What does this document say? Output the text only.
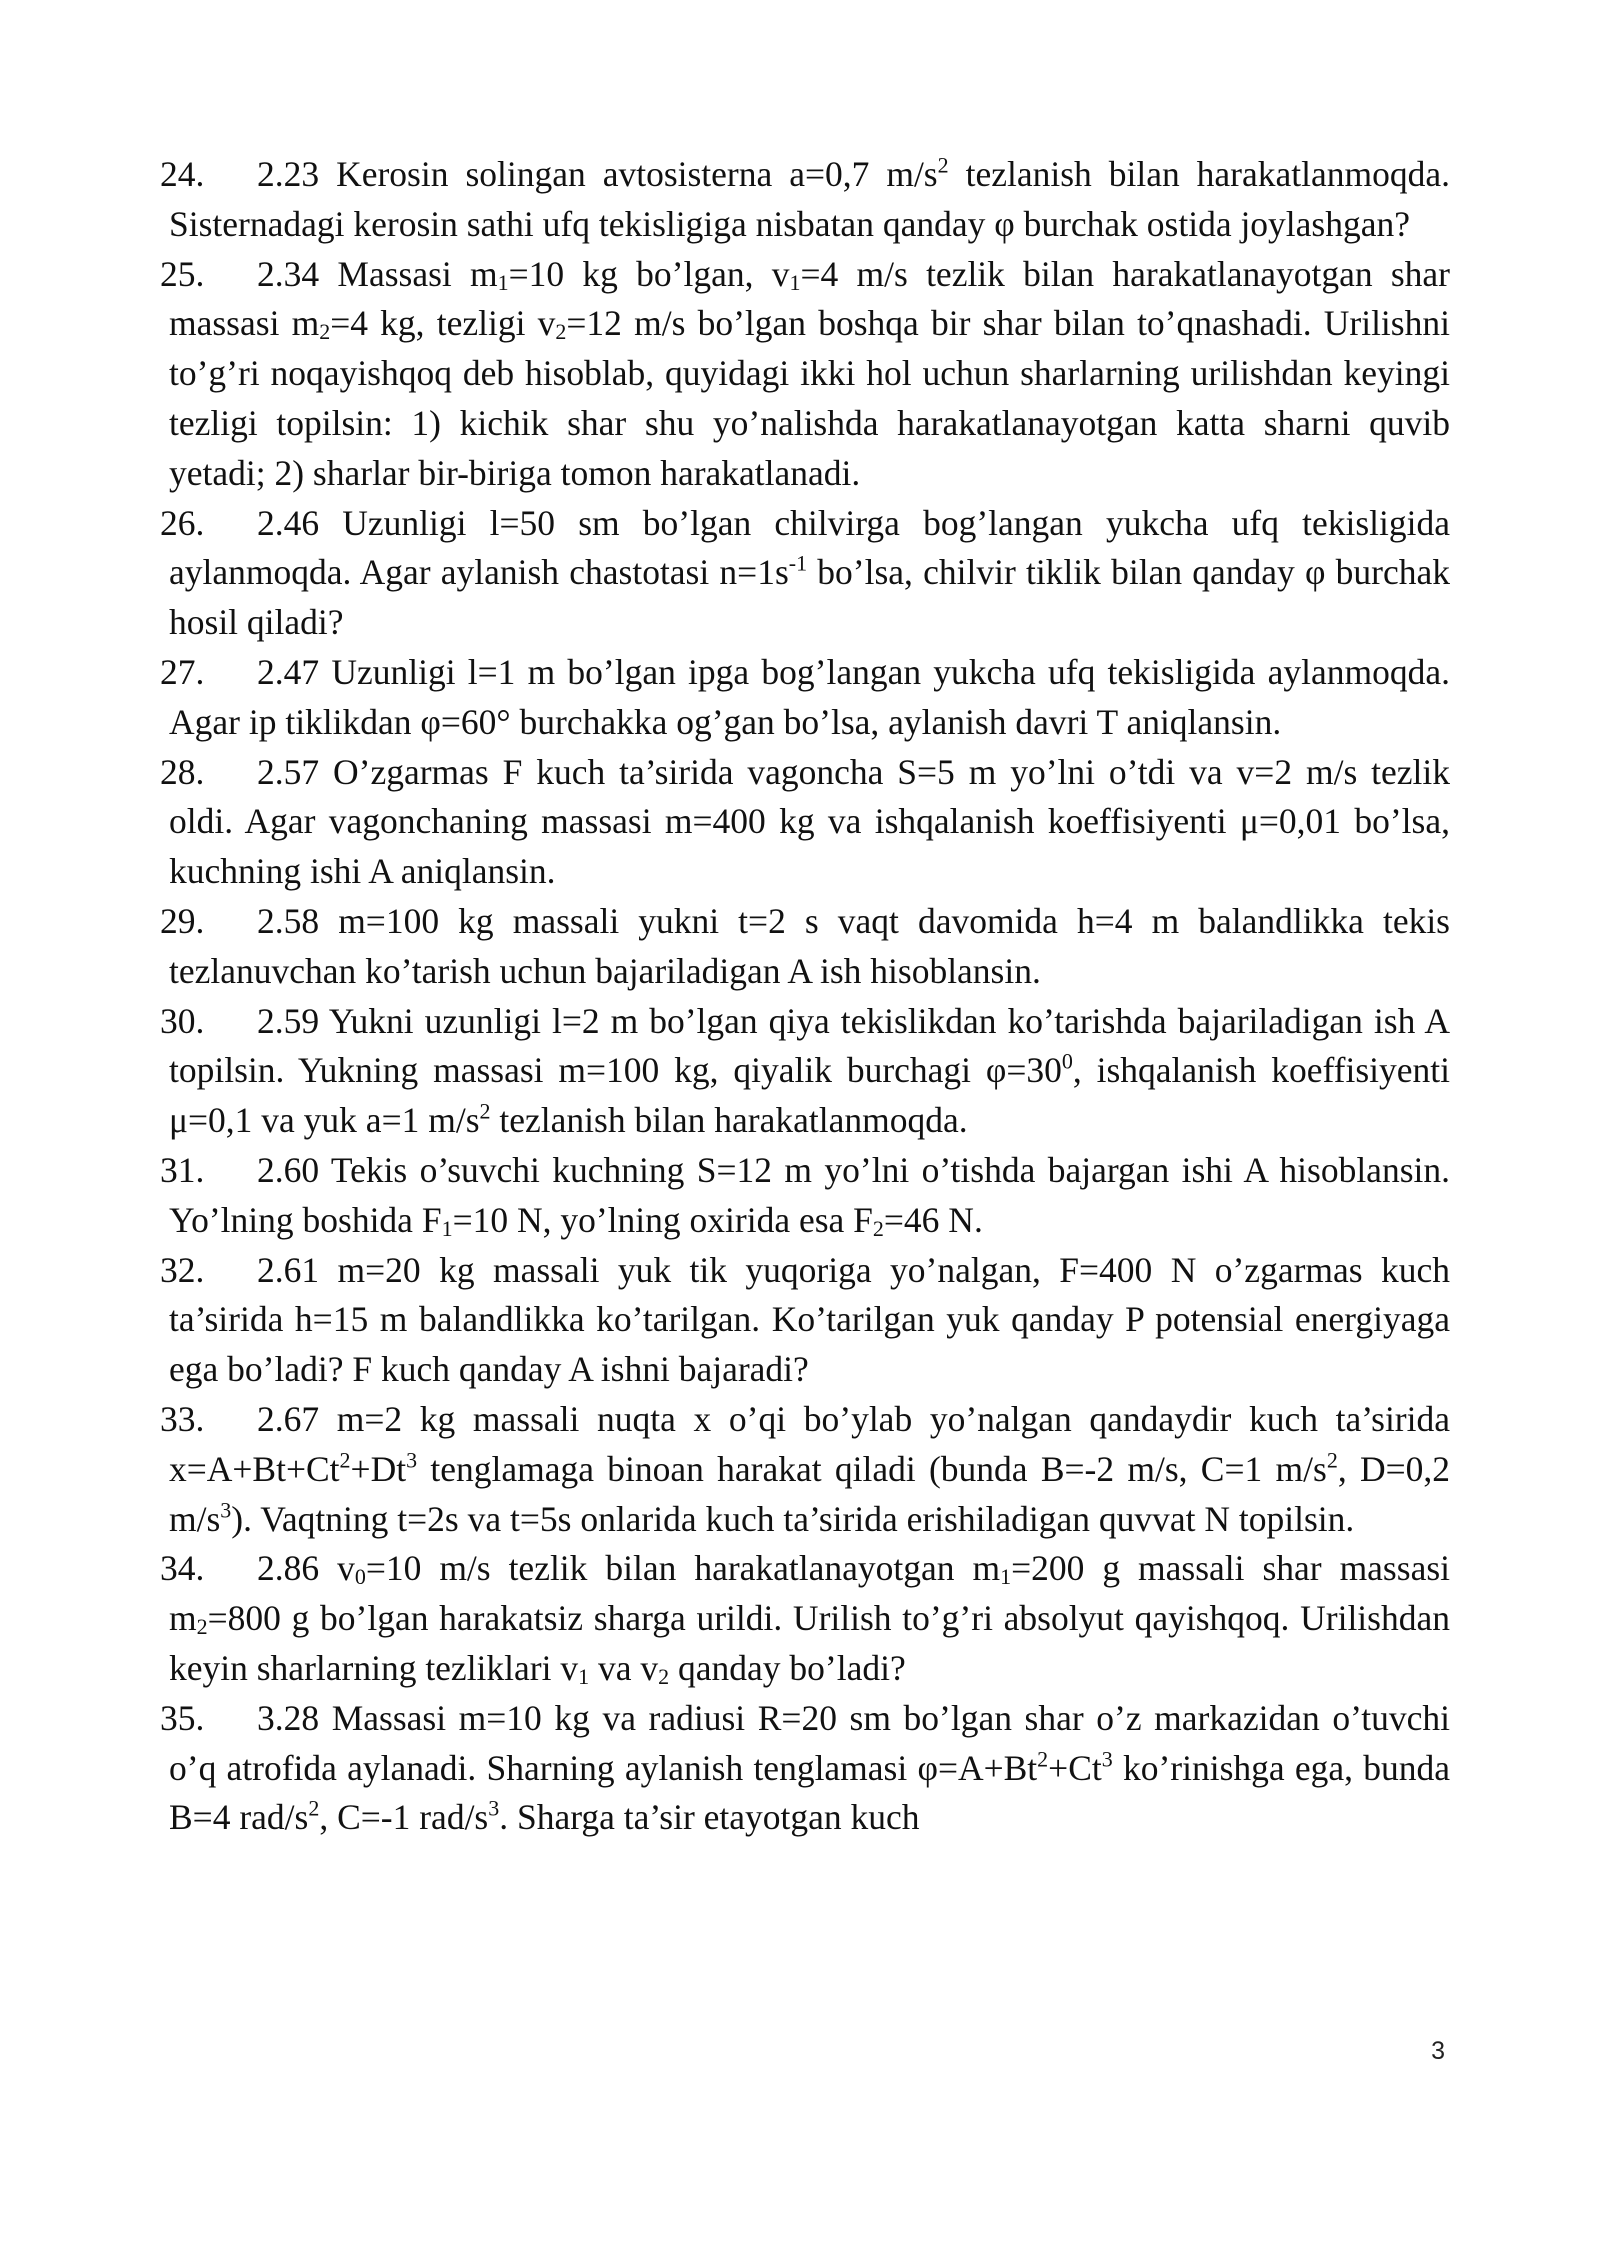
24. 2.23 Kerosin solingan avtosisterna a=0,7 $m/s^2$ tezlanish bilan harakatlanmoqda. Sisternadagi kerosin sathi ufq tekisligiga nisbatan qanday φ burchak ostida joylashgan?
25. 2.34 Massasi $m_1=10$ kg bo’lgan, $v_1=4$ m/s tezlik bilan harakatlanayotgan shar massasi $m_2=4$ kg, tezligi $v_2=12$ m/s bo’lgan boshqa bir shar bilan to’qnashadi. Urilishni to’g’ri noqayishqoq deb hisoblab, quyidagi ikki hol uchun sharlarning urilishdan keyingi tezligi topilsin: 1) kichik shar shu yo’nalishda harakatlanayotgan katta sharni quvib yetadi; 2) sharlar bir-biriga tomon harakatlanadi.
26. 2.46 Uzunligi l=50 sm bo’lgan chilvirga bog’langan yukcha ufq tekisligida aylanmoqda. Agar aylanish chastotasi $n=1s^{-1}$ bo’lsa, chilvir tiklik bilan qanday φ burchak hosil qiladi?
27. 2.47 Uzunligi l=1 m bo’lgan ipga bog’langan yukcha ufq tekisligida aylanmoqda. Agar ip tiklikdan φ=60° burchakka og’gan bo’lsa, aylanish davri T aniqlansin.
28. 2.57 O’zgarmas F kuch ta’sirida vagoncha S=5 m yo’lni o’tdi va v=2 m/s tezlik oldi. Agar vagonchaning massasi m=400 kg va ishqalanish koeffisiyenti μ=0,01 bo’lsa, kuchning ishi A aniqlansin.
29. 2.58 m=100 kg massali yukni t=2 s vaqt davomida h=4 m balandlikka tekis tezlanuvchan ko’tarish uchun bajariladigan A ish hisoblansin.
30. 2.59 Yukni uzunligi l=2 m bo’lgan qiya tekislikdan ko’tarishda bajariladigan ish A topilsin. Yukning massasi m=100 kg, qiyalik burchagi $\varphi=30^0$, ishqalanish koeffisiyenti μ=0,1 va yuk a=1 $m/s^2$ tezlanish bilan harakatlanmoqda.
31. 2.60 Tekis o’suvchi kuchning S=12 m yo’lni o’tishda bajargan ishi A hisoblansin. Yo’lning boshida $F_1=10$ N, yo’lning oxirida esa $F_2=46$ N.
32. 2.61 m=20 kg massali yuk tik yuqoriga yo’nalgan, F=400 N o’zgarmas kuch ta’sirida h=15 m balandlikka ko’tarilgan. Ko’tarilgan yuk qanday P potensial energiyaga ega bo’ladi? F kuch qanday A ishni bajaradi?
33. 2.67 m=2 kg massali nuqta x o’qi bo’ylab yo’nalgan qandaydir kuch ta’sirida $x=A+Bt+Ct^2+Dt^3$ tenglamaga binoan harakat qiladi (bunda B=-2 m/s, C=1 $m/s^2$, D=0,2 $m/s^3$). Vaqtning t=2s va t=5s onlarida kuch ta’sirida erishiladigan quvvat N topilsin.
34. 2.86 $v_0=10$ m/s tezlik bilan harakatlanayotgan $m_1=200$ g massali shar massasi $m_2=800$ g bo’lgan harakatsiz sharga urildi. Urilish to’g’ri absolyut qayishqoq. Urilishdan keyin sharlarning tezliklari $v_1$ va $v_2$ qanday bo’ladi?
35. 3.28 Massasi m=10 kg va radiusi R=20 sm bo’lgan shar o’z markazidan o’tuvchi o’q atrofida aylanadi. Sharning aylanish tenglamasi $\varphi=A+Bt^2+Ct^3$ ko’rinishga ega, bunda B=4 rad/$s^2$, C=-1 rad/$s^3$. Sharga ta’sir etayotgan kuch
3
